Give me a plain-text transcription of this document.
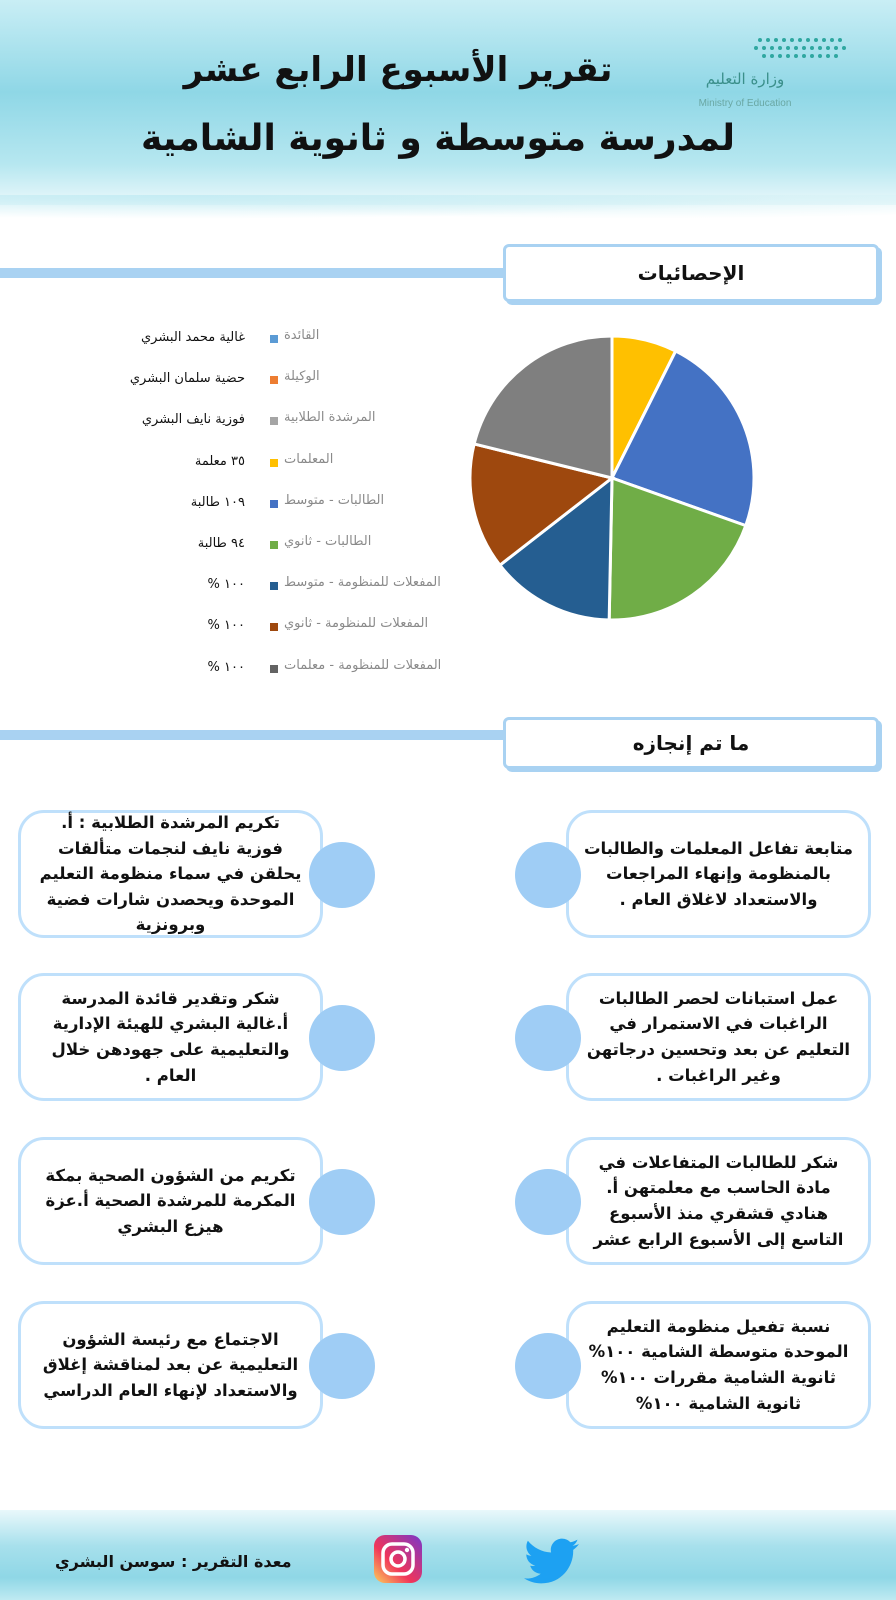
تقرير الأسبوع الرابع عشر
لمدرسة متوسطة و ثانوية الشامية
وزارة التعليم
Ministry of Education
الإحصائيات
غالية محمد البشري	القائدة
حضية سلمان البشري	الوكيلة
فوزية نايف البشري	المرشدة الطلابية
٣٥ معلمة	المعلمات
١٠٩ طالبة	الطالبات - متوسط
٩٤ طالبة	الطالبات - ثانوي
١٠٠ %	المفعلات للمنظومة - متوسط
١٠٠ %	المفعلات للمنظومة - ثانوي
١٠٠ %	المفعلات للمنظومة - معلمات
ما تم إنجازه
متابعة تفاعل المعلمات والطالبات بالمنظومة وإنهاء المراجعات والاستعداد لاغلاق العام .
تكريم المرشدة الطلابية : أ. فوزية نايف لنجمات متألقات يحلقن في سماء منظومة التعليم الموحدة ويحصدن شارات فضية وبرونزية
عمل استبانات لحصر الطالبات الراغبات في الاستمرار في التعليم عن بعد وتحسين درجاتهن وغير الراغبات .
شكر وتقدير قائدة المدرسة أ.غالية البشري للهيئة الإدارية والتعليمية على جهودهن خلال العام .
شكر للطالبات المتفاعلات في مادة الحاسب مع معلمتهن أ. هنادي قشقري منذ الأسبوع التاسع إلى الأسبوع الرابع عشر
تكريم من الشؤون الصحية بمكة المكرمة للمرشدة الصحية أ.عزة هيزع البشري
نسبة تفعيل منظومة التعليم الموحدة متوسطة الشامية ١٠٠% ثانوية الشامية مقررات ١٠٠% ثانوية الشامية ١٠٠%
الاجتماع مع رئيسة الشؤون التعليمية عن بعد لمناقشة إغلاق والاستعداد لإنهاء العام الدراسي
معدة التقرير : سوسن البشري
